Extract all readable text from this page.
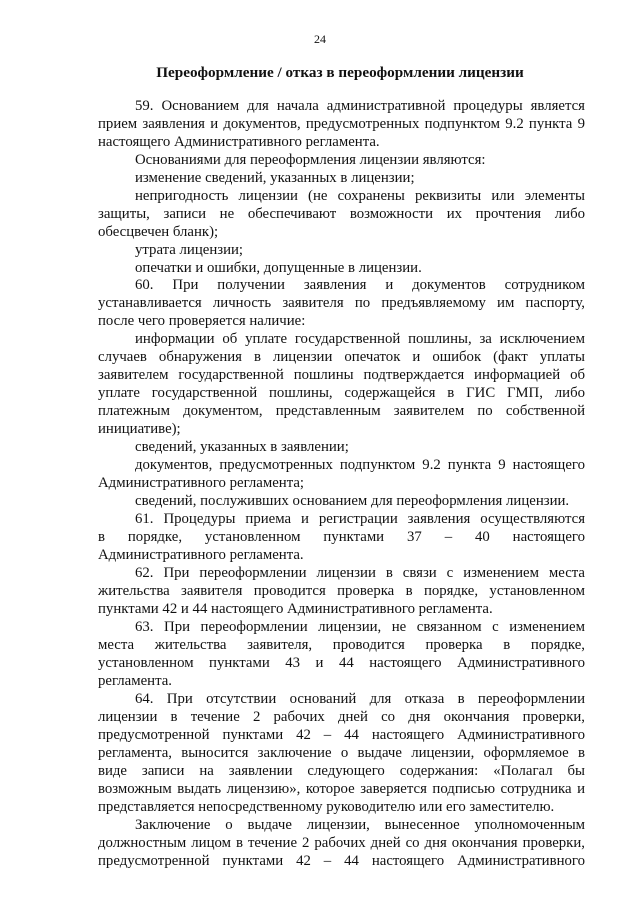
24
Переоформление / отказ в переоформлении лицензии
59. Основанием для начала административной процедуры является
прием заявления и документов, предусмотренных подпунктом 9.2 пункта 9
настоящего Административного регламента.
Основаниями для переоформления лицензии являются:
изменение сведений, указанных в лицензии;
непригодность лицензии (не сохранены реквизиты или элементы
защиты, записи не обеспечивают возможности их прочтения либо
обесцвечен бланк);
утрата лицензии;
опечатки и ошибки, допущенные в лицензии.
60. При получении заявления и документов сотрудником
устанавливается личность заявителя по предъявляемому им паспорту,
после чего проверяется наличие:
информации об уплате государственной пошлины, за исключением
случаев обнаружения в лицензии опечаток и ошибок (факт уплаты
заявителем государственной пошлины подтверждается информацией об
уплате государственной пошлины, содержащейся в ГИС ГМП, либо
платежным документом, представленным заявителем по собственной
инициативе);
сведений, указанных в заявлении;
документов, предусмотренных подпунктом 9.2 пункта 9 настоящего
Административного регламента;
сведений, послуживших основанием для переоформления лицензии.
61. Процедуры приема и регистрации заявления осуществляются
в порядке, установленном пунктами 37 – 40 настоящего
Административного регламента.
62. При переоформлении лицензии в связи с изменением места
жительства заявителя проводится проверка в порядке, установленном
пунктами 42 и 44 настоящего Административного регламента.
63. При переоформлении лицензии, не связанном с изменением
места жительства заявителя, проводится проверка в порядке,
установленном пунктами 43 и 44 настоящего Административного
регламента.
64. При отсутствии оснований для отказа в переоформлении
лицензии в течение 2 рабочих дней со дня окончания проверки,
предусмотренной пунктами 42 – 44 настоящего Административного
регламента, выносится заключение о выдаче лицензии, оформляемое в
виде записи на заявлении следующего содержания: «Полагал бы
возможным выдать лицензию», которое заверяется подписью сотрудника и
представляется непосредственному руководителю или его заместителю.
Заключение о выдаче лицензии, вынесенное уполномоченным
должностным лицом в течение 2 рабочих дней со дня окончания проверки,
предусмотренной пунктами 42 – 44 настоящего Административного
